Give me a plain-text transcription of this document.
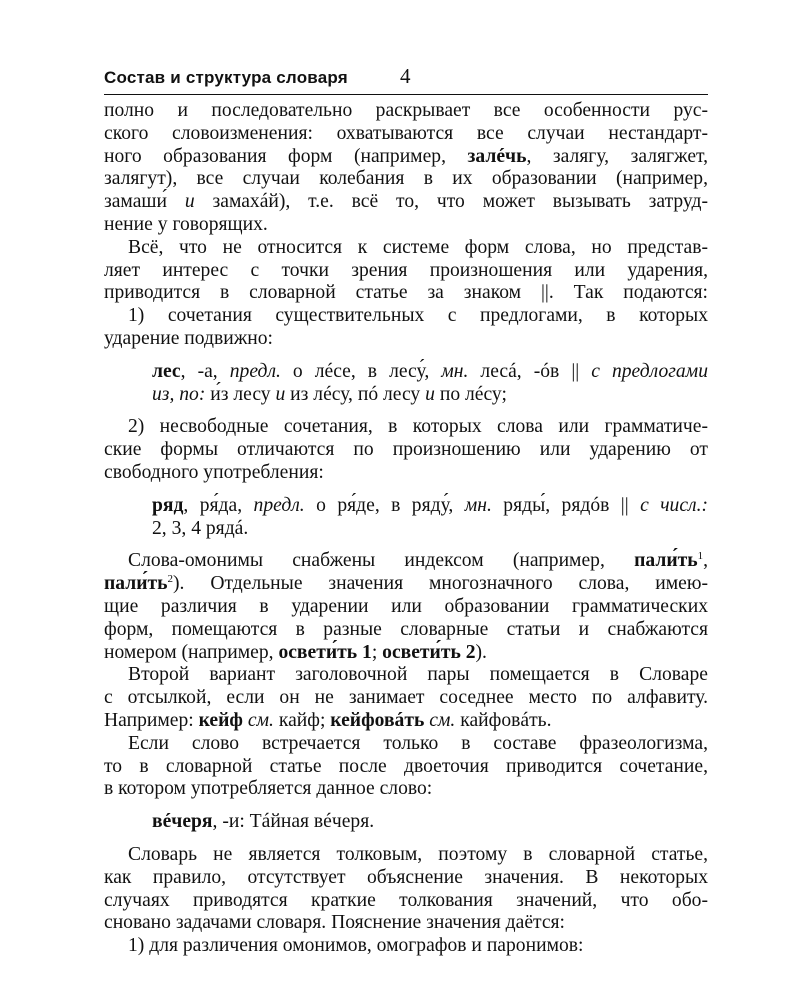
Состав и структура словаря 4
полно и последовательно раскрывает все особенности рус-
ского словоизменения: охватываются все случаи нестандарт-
ного образования форм (например, залéчь, залягу, залягжет,
залягут), все случаи колебания в их образовании (например,
замаши́ и замахáй), т.е. всё то, что может вызывать затруд-
нение у говорящих.
Всё, что не относится к системе форм слова, но представ-
ляет интерес с точки зрения произношения или ударения,
приводится в словарной статье за знаком ||. Так подаются:
1) сочетания существительных с предлогами, в которых
ударение подвижно:
лес, -а, предл. о лéсе, в лесу́, мн. лесá, -óв || с предлогами
из, по: и́з лесу и из лéсу, пó лесу и по лéсу;
2) несвободные сочетания, в которых слова или грамматиче-
ские формы отличаются по произношению или ударению от
свободного употребления:
ряд, ря́да, предл. о ря́де, в ряду́, мн. ряды́, рядóв || с числ.:
2, 3, 4 рядá.
Слова-омонимы снабжены индексом (например, $пали́ть^1$,
$пали́ть^2$). Отдельные значения многозначного слова, имею-
щие различия в ударении или образовании грамматических
форм, помещаются в разные словарные статьи и снабжаются
номером (например, освети́ть 1; освети́ть 2).
Второй вариант заголовочной пары помещается в Словаре
с отсылкой, если он не занимает соседнее место по алфавиту.
Например: кейф см. кайф; кейфовáть см. кайфовáть.
Если слово встречается только в составе фразеологизма,
то в словарной статье после двоеточия приводится сочетание,
в котором употребляется данное слово:
вéчеря, -и: Тáйная вéчеря.
Словарь не является толковым, поэтому в словарной статье,
как правило, отсутствует объяснение значения. В некоторых
случаях приводятся краткие толкования значений, что обо-
сновано задачами словаря. Пояснение значения даётся:
1) для различения омонимов, омографов и паронимов:
